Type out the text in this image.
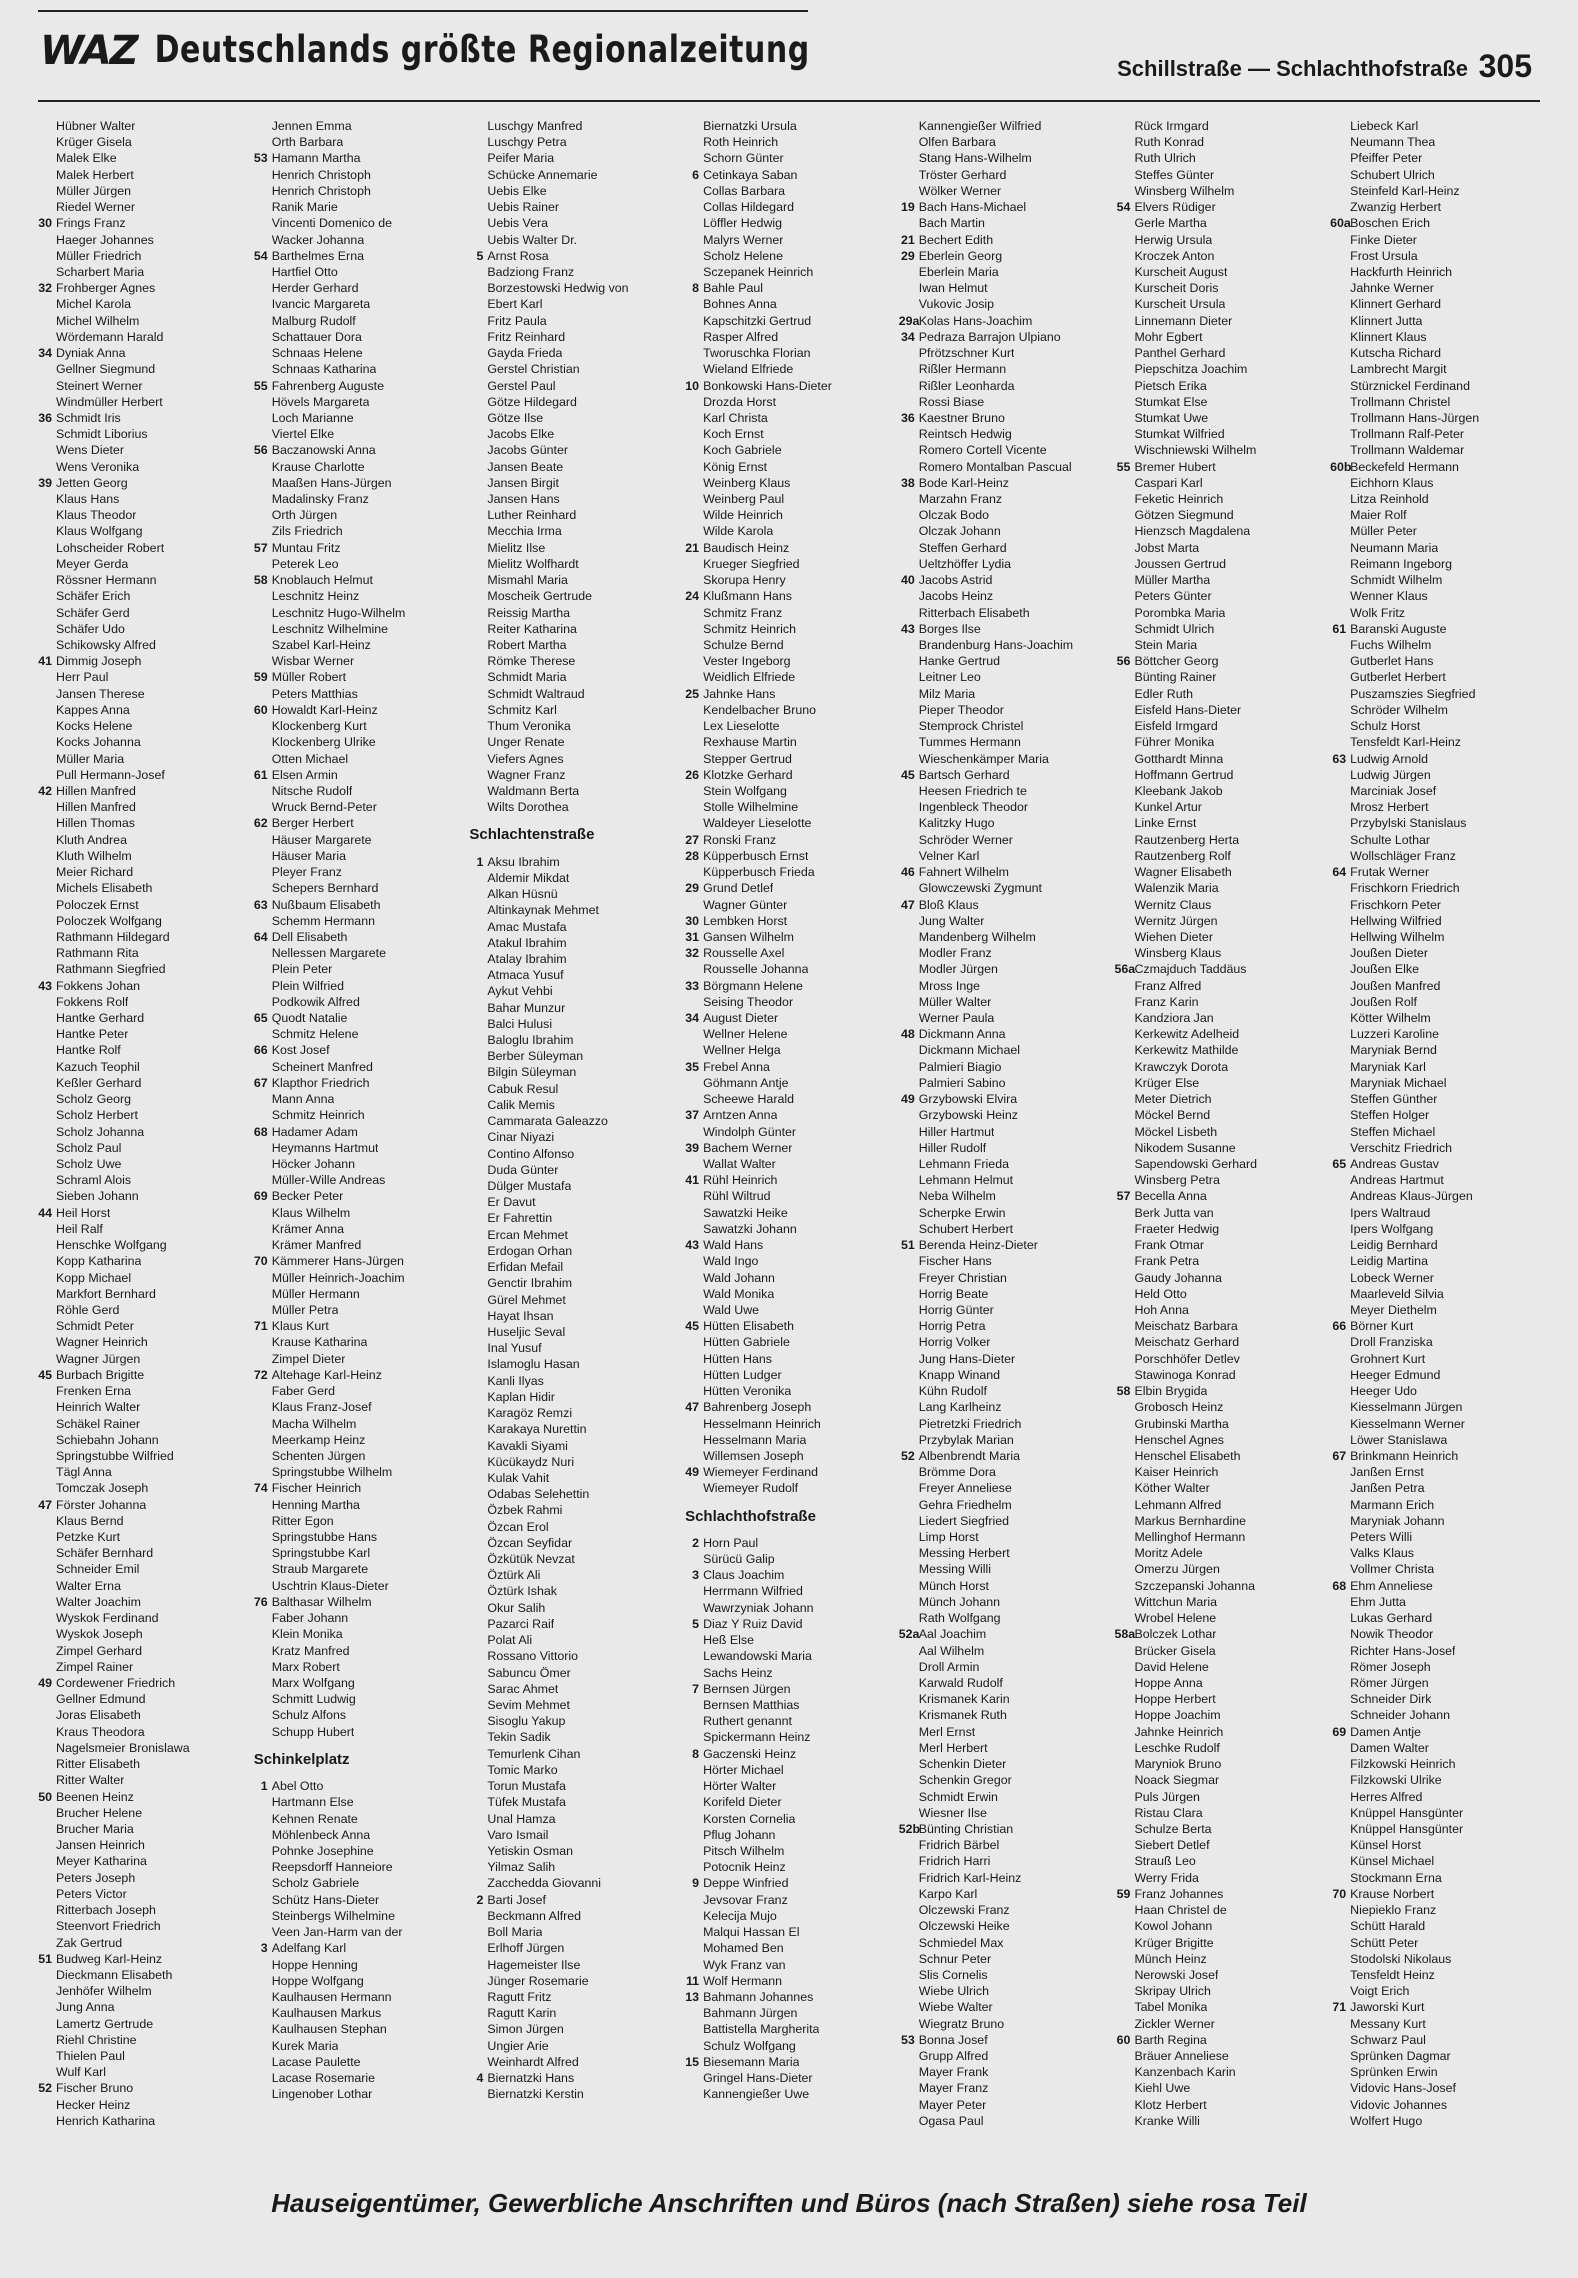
WAZ Deutschlands größte Regionalzeitung	Schillstraße — Schlachthofstraße 305
Hübner Walter
Krüger Gisela
Malek Elke
Malek Herbert
Müller Jürgen
Riedel Werner
30 Frings Franz
Haeger Johannes
Müller Friedrich
Scharbert Maria
32 Frohberger Agnes
Michel Karola
Michel Wilhelm
Wördemann Harald
34 Dyniak Anna
Gellner Siegmund
Steinert Werner
Windmüller Herbert
36 Schmidt Iris
Schmidt Liborius
Wens Dieter
Wens Veronika
39 Jetten Georg
Klaus Hans
Klaus Theodor
Klaus Wolfgang
Lohscheider Robert
Meyer Gerda
Rössner Hermann
Schäfer Erich
Schäfer Gerd
Schäfer Udo
Schikowsky Alfred
41 Dimmig Joseph
Herr Paul
Jansen Therese
Kappes Anna
Kocks Helene
Kocks Johanna
Müller Maria
Pull Hermann-Josef
42 Hillen Manfred
Hillen Manfred
Hillen Thomas
Kluth Andrea
Kluth Wilhelm
Meier Richard
Michels Elisabeth
Poloczek Ernst
Poloczek Wolfgang
Rathmann Hildegard
Rathmann Rita
Rathmann Siegfried
43 Fokkens Johan
Fokkens Rolf
Hantke Gerhard
Hantke Peter
Hantke Rolf
Kazuch Teophil
Keßler Gerhard
Scholz Georg
Scholz Herbert
Scholz Johanna
Scholz Paul
Scholz Uwe
Schraml Alois
Sieben Johann
44 Heil Horst
Heil Ralf
Henschke Wolfgang
Kopp Katharina
Kopp Michael
Markfort Bernhard
Röhle Gerd
Schmidt Peter
Wagner Heinrich
Wagner Jürgen
45 Burbach Brigitte
Frenken Erna
Heinrich Walter
Schäkel Rainer
Schiebahn Johann
Springstubbe Wilfried
Tägl Anna
Tomczak Joseph
47 Förster Johanna
Klaus Bernd
Petzke Kurt
Schäfer Bernhard
Schneider Emil
Walter Erna
Walter Joachim
Wyskok Ferdinand
Wyskok Joseph
Zimpel Gerhard
Zimpel Rainer
49 Cordewener Friedrich
Gellner Edmund
Joras Elisabeth
Kraus Theodora
Nagelsmeier Bronislawa
Ritter Elisabeth
Ritter Walter
50 Beenen Heinz
Brucher Helene
Brucher Maria
Jansen Heinrich
Meyer Katharina
Peters Joseph
Peters Victor
Ritterbach Joseph
Steenvort Friedrich
Zak Gertrud
51 Budweg Karl-Heinz
Dieckmann Elisabeth
Jenhöfer Wilhelm
Jung Anna
Lamertz Gertrude
Riehl Christine
Thielen Paul
Wulf Karl
52 Fischer Bruno
Hecker Heinz
Henrich Katharina
Jennen Emma
Orth Barbara
53 Hamann Martha
Henrich Christoph
Henrich Christoph
Ranik Marie
Vincenti Domenico de
Wacker Johanna
54 Barthelmes Erna
Hartfiel Otto
Herder Gerhard
Ivancic Margareta
Malburg Rudolf
Schattauer Dora
Schnaas Helene
Schnaas Katharina
55 Fahrenberg Auguste
Hövels Margareta
Loch Marianne
Viertel Elke
56 Baczanowski Anna
Krause Charlotte
Maaßen Hans-Jürgen
Madalinsky Franz
Orth Jürgen
Zils Friedrich
57 Muntau Fritz
Peterek Leo
58 Knoblauch Helmut
Leschnitz Heinz
Leschnitz Hugo-Wilhelm
Leschnitz Wilhelmine
Szabel Karl-Heinz
Wisbar Werner
59 Müller Robert
Peters Matthias
60 Howaldt Karl-Heinz
Klockenberg Kurt
Klockenberg Ulrike
Otten Michael
61 Elsen Armin
Nitsche Rudolf
Wruck Bernd-Peter
62 Berger Herbert
Häuser Margarete
Häuser Maria
Pleyer Franz
Schepers Bernhard
63 Nußbaum Elisabeth
Schemm Hermann
64 Dell Elisabeth
Nellessen Margarete
Plein Peter
Plein Wilfried
Podkowik Alfred
65 Quodt Natalie
Schmitz Helene
66 Kost Josef
Scheinert Manfred
67 Klapthor Friedrich
Mann Anna
Schmitz Heinrich
68 Hadamer Adam
Heymanns Hartmut
Höcker Johann
Müller-Wille Andreas
69 Becker Peter
Klaus Wilhelm
Krämer Anna
Krämer Manfred
70 Kämmerer Hans-Jürgen
Müller Heinrich-Joachim
Müller Hermann
Müller Petra
71 Klaus Kurt
Krause Katharina
Zimpel Dieter
72 Altehage Karl-Heinz
Faber Gerd
Klaus Franz-Josef
Macha Wilhelm
Meerkamp Heinz
Schenten Jürgen
Springstubbe Wilhelm
74 Fischer Heinrich
Henning Martha
Ritter Egon
Springstubbe Hans
Springstubbe Karl
Straub Margarete
Uschtrin Klaus-Dieter
76 Balthasar Wilhelm
Faber Johann
Klein Monika
Kratz Manfred
Marx Robert
Marx Wolfgang
Schmitt Ludwig
Schulz Alfons
Schupp Hubert
Schinkelplatz
1 Abel Otto
Hartmann Else
Kehnen Renate
Möhlenbeck Anna
Pohnke Josephine
Reepsdorff Hanneiore
Scholz Gabriele
Schütz Hans-Dieter
Steinbergs Wilhelmine
Veen Jan-Harm van der
3 Adelfang Karl
Hoppe Henning
Hoppe Wolfgang
Kaulhausen Hermann
Kaulhausen Markus
Kaulhausen Stephan
Kurek Maria
Lacase Paulette
Lacase Rosemarie
Lingenober Lothar
Luschgy Manfred
Luschgy Petra
Peifer Maria
Schücke Annemarie
Uebis Elke
Uebis Rainer
Uebis Vera
Uebis Walter Dr.
5 Arnst Rosa
Badziong Franz
Borzestowski Hedwig von
Ebert Karl
Fritz Paula
Fritz Reinhard
Gayda Frieda
Gerstel Christian
Gerstel Paul
Götze Hildegard
Götze Ilse
Jacobs Elke
Jacobs Günter
Jansen Beate
Jansen Birgit
Jansen Hans
Luther Reinhard
Mecchia Irma
Mielitz Ilse
Mielitz Wolfhardt
Mismahl Maria
Moscheik Gertrude
Reissig Martha
Reiter Katharina
Robert Martha
Römke Therese
Schmidt Maria
Schmidt Waltraud
Schmitz Karl
Thum Veronika
Unger Renate
Viefers Agnes
Wagner Franz
Waldmann Berta
Wilts Dorothea
Schlachtenstraße
1 Aksu Ibrahim
Aldemir Mikdat
Alkan Hüsnü
Altinkaynak Mehmet
Amac Mustafa
Atakul Ibrahim
Atalay Ibrahim
Atmaca Yusuf
Aykut Vehbi
Bahar Munzur
Balci Hulusi
Baloglu Ibrahim
Berber Süleyman
Bilgin Süleyman
Cabuk Resul
Calik Memis
Cammarata Galeazzo
Cinar Niyazi
Contino Alfonso
Duda Günter
Dülger Mustafa
Er Davut
Er Fahrettin
Ercan Mehmet
Erdogan Orhan
Erfidan Mefail
Genctir Ibrahim
Gürel Mehmet
Hayat Ihsan
Huseljic Seval
Inal Yusuf
Islamoglu Hasan
Kanli Ilyas
Kaplan Hidir
Karagöz Remzi
Karakaya Nurettin
Kavakli Siyami
Kücükaydz Nuri
Kulak Vahit
Odabas Selehettin
Özbek Rahmi
Özcan Erol
Özcan Seyfidar
Özkütük Nevzat
Öztürk Ali
Öztürk Ishak
Okur Salih
Pazarci Raif
Polat Ali
Rossano Vittorio
Sabuncu Ömer
Sarac Ahmet
Sevim Mehmet
Sisoglu Yakup
Tekin Sadik
Temurlenk Cihan
Tomic Marko
Torun Mustafa
Tüfek Mustafa
Unal Hamza
Varo Ismail
Yetiskin Osman
Yilmaz Salih
Zacchedda Giovanni
2 Barti Josef
Beckmann Alfred
Boll Maria
Erlhoff Jürgen
Hagemeister Ilse
Jünger Rosemarie
Ragutt Fritz
Ragutt Karin
Simon Jürgen
Ungier Arie
Weinhardt Alfred
4 Biernatzki Hans
Biernatzki Kerstin
Biernatzki Ursula
Roth Heinrich
Schorn Günter
6 Cetinkaya Saban
Collas Barbara
Collas Hildegard
Löffler Hedwig
Malyrs Werner
Scholz Helene
Sczepanek Heinrich
8 Bahle Paul
Bohnes Anna
Kapschitzki Gertrud
Rasper Alfred
Tworuschka Florian
Wieland Elfriede
10 Bonkowski Hans-Dieter
Drozda Horst
Karl Christa
Koch Ernst
Koch Gabriele
König Ernst
Weinberg Klaus
Weinberg Paul
Wilde Heinrich
Wilde Karola
21 Baudisch Heinz
Krueger Siegfried
Skorupa Henry
24 Klußmann Hans
Schmitz Franz
Schmitz Heinrich
Schulze Bernd
Vester Ingeborg
Weidlich Elfriede
25 Jahnke Hans
Kendelbacher Bruno
Lex Lieselotte
Rexhause Martin
Stepper Gertrud
26 Klotzke Gerhard
Stein Wolfgang
Stolle Wilhelmine
Waldeyer Lieselotte
27 Ronski Franz
28 Küpperbusch Ernst
Küpperbusch Frieda
29 Grund Detlef
Wagner Günter
30 Lembken Horst
31 Gansen Wilhelm
32 Rousselle Axel
Rousselle Johanna
33 Börgmann Helene
Seising Theodor
34 August Dieter
Wellner Helene
Wellner Helga
35 Frebel Anna
Göhmann Antje
Scheewe Harald
37 Arntzen Anna
Windolph Günter
39 Bachem Werner
Wallat Walter
41 Rühl Heinrich
Rühl Wiltrud
Sawatzki Heike
Sawatzki Johann
43 Wald Hans
Wald Ingo
Wald Johann
Wald Monika
Wald Uwe
45 Hütten Elisabeth
Hütten Gabriele
Hütten Hans
Hütten Ludger
Hütten Veronika
47 Bahrenberg Joseph
Hesselmann Heinrich
Hesselmann Maria
Willemsen Joseph
49 Wiemeyer Ferdinand
Wiemeyer Rudolf
Schlachthofstraße
2 Horn Paul
Sürücü Galip
3 Claus Joachim
Herrmann Wilfried
Wawrzyniak Johann
5 Diaz Y Ruiz David
Heß Else
Lewandowski Maria
Sachs Heinz
7 Bernsen Jürgen
Bernsen Matthias
Ruthert genannt
Spickermann Heinz
8 Gaczenski Heinz
Hörter Michael
Hörter Walter
Korifeld Dieter
Korsten Cornelia
Pflug Johann
Pitsch Wilhelm
Potocnik Heinz
9 Deppe Winfried
Jevsovar Franz
Kelecija Mujo
Malqui Hassan El
Mohamed Ben
Wyk Franz van
11 Wolf Hermann
13 Bahmann Johannes
Bahmann Jürgen
Battistella Margherita
Schulz Wolfgang
15 Biesemann Maria
Gringel Hans-Dieter
Kannengießer Uwe
Kannengießer Wilfried
Olfen Barbara
Stang Hans-Wilhelm
Tröster Gerhard
Wölker Werner
19 Bach Hans-Michael
Bach Martin
21 Bechert Edith
29 Eberlein Georg
Eberlein Maria
Iwan Helmut
Vukovic Josip
29a Kolas Hans-Joachim
34 Pedraza Barrajon Ulpiano
Pfrötzschner Kurt
Rißler Hermann
Rißler Leonharda
Rossi Biase
36 Kaestner Bruno
Reintsch Hedwig
Romero Cortell Vicente
Romero Montalban Pascual
38 Bode Karl-Heinz
Marzahn Franz
Olczak Bodo
Olczak Johann
Steffen Gerhard
Ueltzhöffer Lydia
40 Jacobs Astrid
Jacobs Heinz
Ritterbach Elisabeth
43 Borges Ilse
Brandenburg Hans-Joachim
Hanke Gertrud
Leitner Leo
Milz Maria
Pieper Theodor
Stemprock Christel
Tummes Hermann
Wieschenkämper Maria
45 Bartsch Gerhard
Heesen Friedrich te
Ingenbleck Theodor
Kalitzky Hugo
Schröder Werner
Velner Karl
46 Fahnert Wilhelm
Glowczewski Zygmunt
47 Bloß Klaus
Jung Walter
Mandenberg Wilhelm
Modler Franz
Modler Jürgen
Mross Inge
Müller Walter
Werner Paula
48 Dickmann Anna
Dickmann Michael
Palmieri Biagio
Palmieri Sabino
49 Grzybowski Elvira
Grzybowski Heinz
Hiller Hartmut
Hiller Rudolf
Lehmann Frieda
Lehmann Helmut
Neba Wilhelm
Scherpke Erwin
Schubert Herbert
51 Berenda Heinz-Dieter
Fischer Hans
Freyer Christian
Horrig Beate
Horrig Günter
Horrig Petra
Horrig Volker
Jung Hans-Dieter
Knapp Winand
Kühn Rudolf
Lang Karlheinz
Pietretzki Friedrich
Przybylak Marian
52 Albenbrendt Maria
Brömme Dora
Freyer Anneliese
Gehra Friedhelm
Liedert Siegfried
Limp Horst
Messing Herbert
Messing Willi
Münch Horst
Münch Johann
Rath Wolfgang
52a Aal Joachim
Aal Wilhelm
Droll Armin
Karwald Rudolf
Krismanek Karin
Krismanek Ruth
Merl Ernst
Merl Herbert
Schenkin Dieter
Schenkin Gregor
Schmidt Erwin
Wiesner Ilse
52b
Bünting Christian
Fridrich Bärbel
Fridrich Harri
Fridrich Karl-Heinz
Karpo Karl
Olczewski Franz
Olczewski Heike
Schmiedel Max
Schnur Peter
Slis Cornelis
Wiebe Ulrich
Wiebe Walter
Wiegratz Bruno
53 Bonna Josef
Grupp Alfred
Mayer Frank
Mayer Franz
Mayer Peter
Ogasa Paul
Rück Irmgard
Ruth Konrad
Ruth Ulrich
Steffes Günter
Winsberg Wilhelm
54 Elvers Rüdiger
Gerle Martha
Herwig Ursula
Kroczek Anton
Kurscheit August
Kurscheit Doris
Kurscheit Ursula
Linnemann Dieter
Mohr Egbert
Panthel Gerhard
Piepschitza Joachim
Pietsch Erika
Stumkat Else
Stumkat Uwe
Stumkat Wilfried
Wischniewski Wilhelm
55 Bremer Hubert
Caspari Karl
Feketic Heinrich
Götzen Siegmund
Hienzsch Magdalena
Jobst Marta
Joussen Gertrud
Müller Martha
Peters Günter
Porombka Maria
Schmidt Ulrich
Stein Maria
56 Böttcher Georg
Bünting Rainer
Edler Ruth
Eisfeld Hans-Dieter
Eisfeld Irmgard
Führer Monika
Gotthardt Minna
Hoffmann Gertrud
Kleebank Jakob
Kunkel Artur
Linke Ernst
Rautzenberg Herta
Rautzenberg Rolf
Wagner Elisabeth
Walenzik Maria
Wernitz Claus
Wernitz Jürgen
Wiehen Dieter
Winsberg Klaus
56a Czmajduch Taddäus
Franz Alfred
Franz Karin
Kandziora Jan
Kerkewitz Adelheid
Kerkewitz Mathilde
Krawczyk Dorota
Krüger Else
Meter Dietrich
Möckel Bernd
Möckel Lisbeth
Nikodem Susanne
Sapendowski Gerhard
Winsberg Petra
57 Becella Anna
Berk Jutta van
Fraeter Hedwig
Frank Otmar
Frank Petra
Gaudy Johanna
Held Otto
Hoh Anna
Meischatz Barbara
Meischatz Gerhard
Porschhöfer Detlev
Stawinoga Konrad
58 Elbin Brygida
Grobosch Heinz
Grubinski Martha
Henschel Agnes
Henschel Elisabeth
Kaiser Heinrich
Köther Walter
Lehmann Alfred
Markus Bernhardine
Mellinghof Hermann
Moritz Adele
Omerzu Jürgen
Szczepanski Johanna
Wittchun Maria
Wrobel Helene
58a Bolczek Lothar
Brücker Gisela
David Helene
Hoppe Anna
Hoppe Herbert
Hoppe Joachim
Jahnke Heinrich
Leschke Rudolf
Maryniok Bruno
Noack Siegmar
Puls Jürgen
Ristau Clara
Schulze Berta
Siebert Detlef
Strauß Leo
Werry Frida
59 Franz Johannes
Haan Christel de
Kowol Johann
Krüger Brigitte
Münch Heinz
Nerowski Josef
Skripay Ulrich
Tabel Monika
Zickler Werner
60 Barth Regina
Bräuer Anneliese
Kanzenbach Karin
Kiehl Uwe
Klotz Herbert
Kranke Willi
Liebeck Karl
Neumann Thea
Pfeiffer Peter
Schubert Ulrich
Steinfeld Karl-Heinz
Zwanzig Herbert
60a Boschen Erich
Finke Dieter
Frost Ursula
Hackfurth Heinrich
Jahnke Werner
Klinnert Gerhard
Klinnert Jutta
Klinnert Klaus
Kutscha Richard
Lambrecht Margit
Stürznickel Ferdinand
Trollmann Christel
Trollmann Hans-Jürgen
Trollmann Ralf-Peter
Trollmann Waldemar
60b
Beckefeld Hermann
Eichhorn Klaus
Litza Reinhold
Maier Rolf
Müller Peter
Neumann Maria
Reimann Ingeborg
Schmidt Wilhelm
Wenner Klaus
Wolk Fritz
61 Baranski Auguste
Fuchs Wilhelm
Gutberlet Hans
Gutberlet Herbert
Puszamszies Siegfried
Schröder Wilhelm
Schulz Horst
Tensfeldt Karl-Heinz
63 Ludwig Arnold
Ludwig Jürgen
Marciniak Josef
Mrosz Herbert
Przybylski Stanislaus
Schulte Lothar
Wollschläger Franz
64 Frutak Werner
Frischkorn Friedrich
Frischkorn Peter
Hellwing Wilfried
Hellwing Wilhelm
Joußen Dieter
Joußen Elke
Joußen Manfred
Joußen Rolf
Kötter Wilhelm
Luzzeri Karoline
Maryniak Bernd
Maryniak Karl
Maryniak Michael
Steffen Günther
Steffen Holger
Steffen Michael
Verschitz Friedrich
65 Andreas Gustav
Andreas Hartmut
Andreas Klaus-Jürgen
Ipers Waltraud
Ipers Wolfgang
Leidig Bernhard
Leidig Martina
Lobeck Werner
Maarleveld Silvia
Meyer Diethelm
66 Börner Kurt
Droll Franziska
Grohnert Kurt
Heeger Edmund
Heeger Udo
Kiesselmann Jürgen
Kiesselmann Werner
Löwer Stanislawa
67 Brinkmann Heinrich
Janßen Ernst
Janßen Petra
Marmann Erich
Maryniak Johann
Peters Willi
Valks Klaus
Vollmer Christa
68 Ehm Anneliese
Ehm Jutta
Lukas Gerhard
Nowik Theodor
Richter Hans-Josef
Römer Joseph
Römer Jürgen
Schneider Dirk
Schneider Johann
69 Damen Antje
Damen Walter
Filzkowski Heinrich
Filzkowski Ulrike
Herres Alfred
Knüppel Hansgünter
Knüppel Hansgünter
Künsel Horst
Künsel Michael
Stockmann Erna
70 Krause Norbert
Niepieklo Franz
Schütt Harald
Schütt Peter
Stodolski Nikolaus
Tensfeldt Heinz
Voigt Erich
71 Jaworski Kurt
Messany Kurt
Schwarz Paul
Sprünken Dagmar
Sprünken Erwin
Vidovic Hans-Josef
Vidovic Johannes
Wolfert Hugo
Hauseigentümer, Gewerbliche Anschriften und Büros (nach Straßen) siehe rosa Teil
